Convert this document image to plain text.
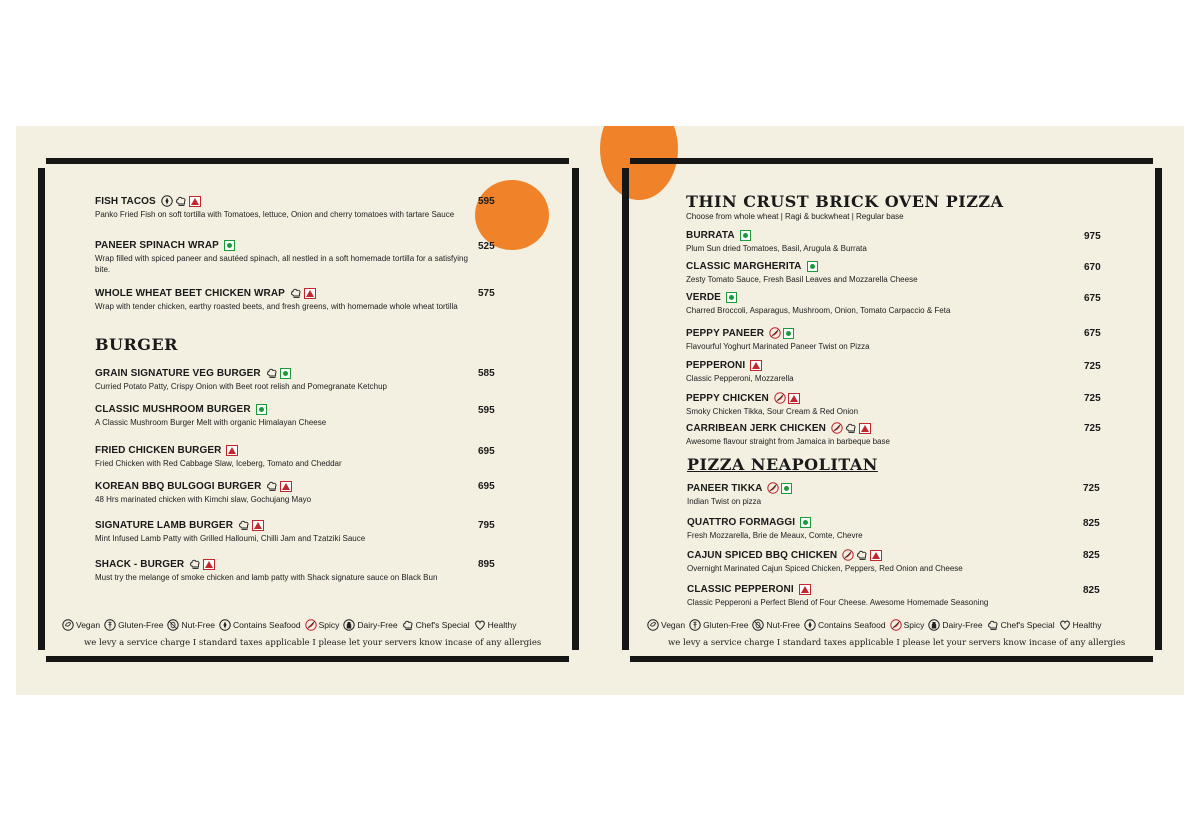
FISH TACOS
Panko Fried Fish on soft tortilla with Tomatoes, lettuce, Onion and cherry tomatoes with tartare Sauce
595
PANEER SPINACH WRAP
Wrap filled with spiced paneer and sautéed spinach, all nestled in a soft homemade tortilla for a satisfying bite.
525
WHOLE WHEAT BEET CHICKEN WRAP
Wrap with tender chicken, earthy roasted beets, and fresh greens, with homemade whole wheat tortilla
575
BURGER
GRAIN SIGNATURE VEG BURGER
Curried Potato Patty, Crispy Onion with Beet root relish and Pomegranate Ketchup
585
CLASSIC MUSHROOM BURGER
A Classic Mushroom Burger Melt with organic Himalayan Cheese
595
FRIED CHICKEN BURGER
Fried Chicken with Red Cabbage Slaw, Iceberg, Tomato and Cheddar
695
KOREAN BBQ BULGOGI BURGER
48 Hrs marinated chicken with Kimchi slaw, Gochujang Mayo
695
SIGNATURE LAMB BURGER
Mint Infused Lamb Patty with Grilled Halloumi, Chilli Jam and Tzatziki Sauce
795
SHACK - BURGER
Must try the melange of smoke chicken and lamb patty with Shack signature sauce on Black Bun
895
THIN CRUST BRICK OVEN PIZZA
Choose from whole wheat | Ragi & buckwheat | Regular base
BURRATA
Plum Sun dried Tomatoes, Basil, Arugula & Burrata
975
CLASSIC MARGHERITA
Zesty Tomato Sauce, Fresh Basil Leaves and Mozzarella Cheese
670
VERDE
Charred Broccoli, Asparagus, Mushroom, Onion, Tomato Carpaccio & Feta
675
PEPPY PANEER
Flavourful Yoghurt Marinated Paneer Twist on Pizza
675
PEPPERONI
Classic Pepperoni, Mozzarella
725
PEPPY CHICKEN
Smoky Chicken Tikka, Sour Cream & Red Onion
725
CARRIBEAN JERK CHICKEN
Awesome flavour straight from Jamaica in barbeque base
725
PIZZA NEAPOLITAN
PANEER TIKKA
Indian Twist on pizza
725
QUATTRO FORMAGGI
Fresh Mozzarella, Brie de Meaux, Comte, Chevre
825
CAJUN SPICED BBQ CHICKEN
Overnight Marinated Cajun Spiced Chicken, Peppers, Red Onion and Cheese
825
CLASSIC PEPPERONI
Classic Pepperoni a Perfect Blend of Four Cheese. Awesome Homemade Seasoning
825
Vegan Gluten-Free Nut-Free Contains Seafood Spicy Dairy-Free Chef's Special Healthy
we levy a service charge I standard taxes applicable I please let your servers know incase of any allergies
Vegan Gluten-Free Nut-Free Contains Seafood Spicy Dairy-Free Chef's Special Healthy
we levy a service charge I standard taxes applicable I please let your servers know incase of any allergies
